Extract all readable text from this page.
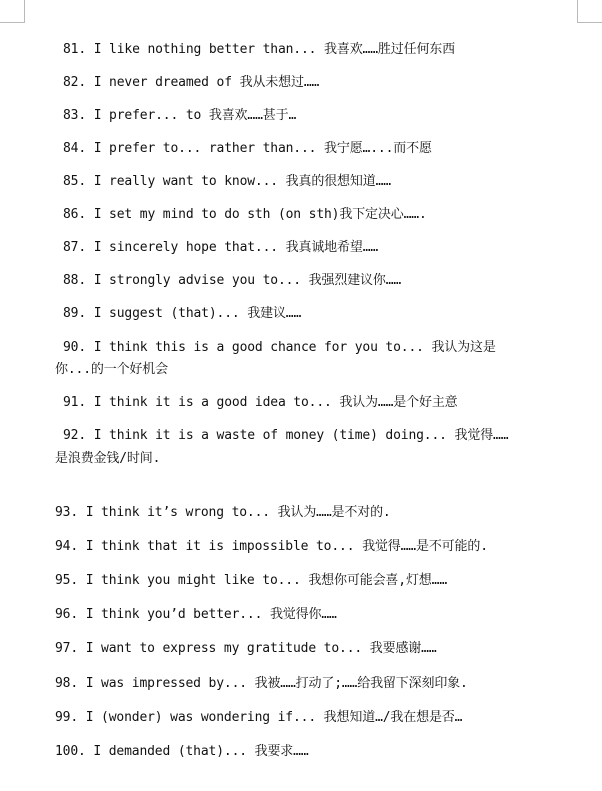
81. I like nothing better than... 我喜欢……胜过任何东西
82. I never dreamed of 我从未想过……
83. I prefer... to 我喜欢……甚于…
84. I prefer to... rather than... 我宁愿…...而不愿
85. I really want to know... 我真的很想知道……
86. I set my mind to do sth (on sth)我下定决心…….
87. I sincerely hope that... 我真诚地希望……
88. I strongly advise you to... 我强烈建议你……
89. I suggest (that)... 我建议……
90. I think this is a good chance for you to... 我认为这是
你...的一个好机会
91. I think it is a good idea to... 我认为……是个好主意
92. I think it is a waste of money (time) doing... 我觉得……
是浪费金钱/时间.
93. I think it’s wrong to... 我认为……是不对的.
94. I think that it is impossible to... 我觉得……是不可能的.
95. I think you might like to... 我想你可能会喜,灯想……
96. I think you’d better... 我觉得你……
97. I want to express my gratitude to... 我要感谢……
98. I was impressed by... 我被……打动了;……给我留下深刻印象.
99. I (wonder) was wondering if... 我想知道…/我在想是否…
100. I demanded (that)... 我要求……
